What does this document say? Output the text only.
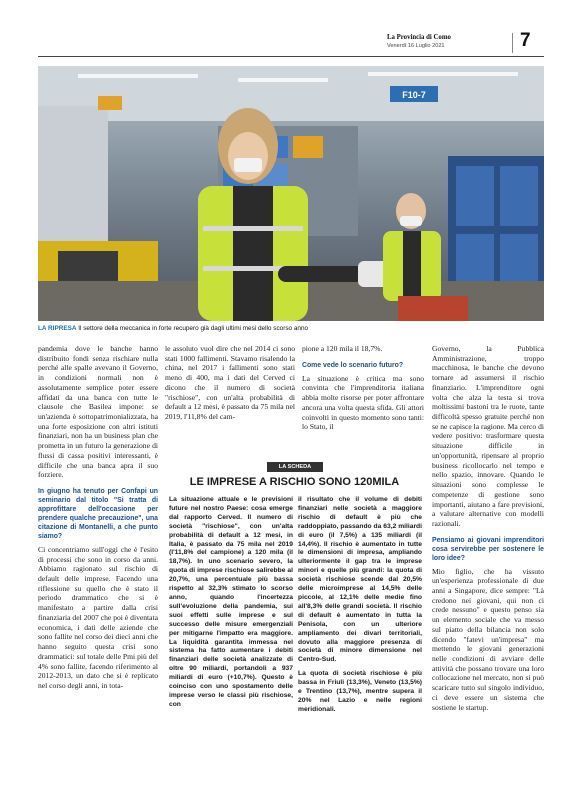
La Provincia di Como
Venerdì 16 Luglio 2021	7
F10-7
LA RIPRESA Il settore della meccanica in forte recupero già dagli ultimi mesi dello scorso anno

pandemia dove le banche hanno distribuito fondi senza rischiare nulla perché alle spalle avevano il Governo, in condizioni normali non è assolutamente semplice poter essere affidati da una banca con tutte le clausole che Basilea impone: se un'azienda è sottopatrimonializzata, ha una forte esposizione con altri istituti finanziari, non ha un business plan che prometta in un futuro la generazione di flussi di cassa positivi interessanti, è difficile che una banca apra il suo forziere.

In giugno ha tenuto per Confapi un seminario dal titolo "Si tratta di approfittare dell'occasione per prendere qualche precauzione", una citazione di Montanelli, a che punto siamo?

Ci concentriamo sull'oggi che è l'esito di processi che sono in corso da anni. Abbiamo ragionato sul rischio di default delle imprese. Facendo una riflessione su quello che è stato il periodo drammatico che si è manifestato a partire dalla crisi finanziaria del 2007 che poi è diventata economica, i dati delle aziende che sono fallite nel corso dei dieci anni che hanno seguito questa crisi sono drammatici: sul totale delle Pmi più del 4% sono fallite, facendo riferimento al 2012-2013, un dato che si è replicato nel corso degli anni, in tota-

le assoluto vuol dire che nel 2014 ci sono stati 1000 fallimenti. Stavamo risalendo la china, nel 2017 i fallimenti sono stati meno di 400, ma i dati del Cerved ci dicono che il numero di società "rischiose", con un'alta probabilità di default a 12 mesi, è passato da 75 mila nel 2019, l'11,8% del cam-

pione a 120 mila il 18,7%.

Come vede lo scenario futuro?

La situazione è critica ma sono convinta che l'imprenditoria italiana abbia molte risorse per poter affrontare ancora una volta questa sfida. Gli attori coinvolti in questo momento sono tanti: lo Stato, il

Governo, la Pubblica Amministrazione, troppo macchinosa, le banche che devono tornare ad assumersi il rischio finanziario. L'imprenditore ogni volta che alza la testa si trova moltissimi bastoni tra le ruote, tante difficoltà spesso gratuite perché non se ne capisce la ragione. Ma cerco di vedere positivo: trasformare questa situazione difficile in un'opportunità, ripensare al proprio business ricollocarlo nel tempo e nello spazio, innovare. Quando le situazioni sono complesse le competenze di gestione sono importanti, aiutano a fare previsioni, a valutare alternative con modelli razionali.

Pensiamo ai giovani imprenditori cosa servirebbe per sostenere le loro idee?

Mio figlio, che ha vissuto un'esperienza professionale di due anni a Singapore, dice sempre: "Là credono nei giovani, qui non ci crede nessuno" e questo penso sia un elemento sociale che va messo sul piatto della bilancia non solo dicendo "fatevi un'impresa" ma mettendo le giovani generazioni nelle condizioni di avviare delle attività che possano trovare una loro collocazione nel mercato, non si può scaricare tutto sul singolo individuo, ci deve essere un sistema che sostiene le startup.

LA SCHEDA
LE IMPRESE A RISCHIO SONO 120MILA

La situazione attuale e le previsioni future nel nostro Paese: cosa emerge dal rapporto Cerved. Il numero di società "rischiose", con un'alta probabilità di default a 12 mesi, in Italia, è passato da 75 mila nel 2019 (l'11,8% del campione) a 120 mila (il 18,7%). In uno scenario severo, la quota di imprese rischiose salirebbe al 20,7%, una percentuale più bassa rispetto al 32,3% stimato lo scorso anno, quando l'incertezza sull'evoluzione della pandemia, sui suoi effetti sulle imprese e sul successo delle misure emergenziali per mitigarne l'impatto era maggiore. La liquidità garantita immessa nel sistema ha fatto aumentare i debiti finanziari delle società analizzate di oltre 90 miliardi, portandoli a 937 miliardi di euro (+10,7%). Questo è coinciso con uno spostamento delle imprese verso le classi più rischiose, con

il risultato che il volume di debiti finanziari nelle società a maggiore rischio di default è più che raddoppiato, passando da 63,2 miliardi di euro (il 7,5%) a 135 miliardi (il 14,4%). Il rischio è aumentato in tutte le dimensioni di impresa, ampliando ulteriormente il gap tra le imprese minori e quelle più grandi: la quota di società rischiose scende dal 20,5% delle microimprese al 14,5% delle piccole, al 12,1% delle medie fino all'8,3% delle grandi società. Il rischio di default è aumentato in tutta la Penisola, con un ulteriore ampliamento dei divari territoriali, dovuto alla maggiore presenza di società di minore dimensione nel Centro-Sud.

La quota di società rischiose è più bassa in Friuli (13,3%), Veneto (13,5%) e Trentino (13,7%), mentre supera il 20% nel Lazio e nelle regioni meridionali.
